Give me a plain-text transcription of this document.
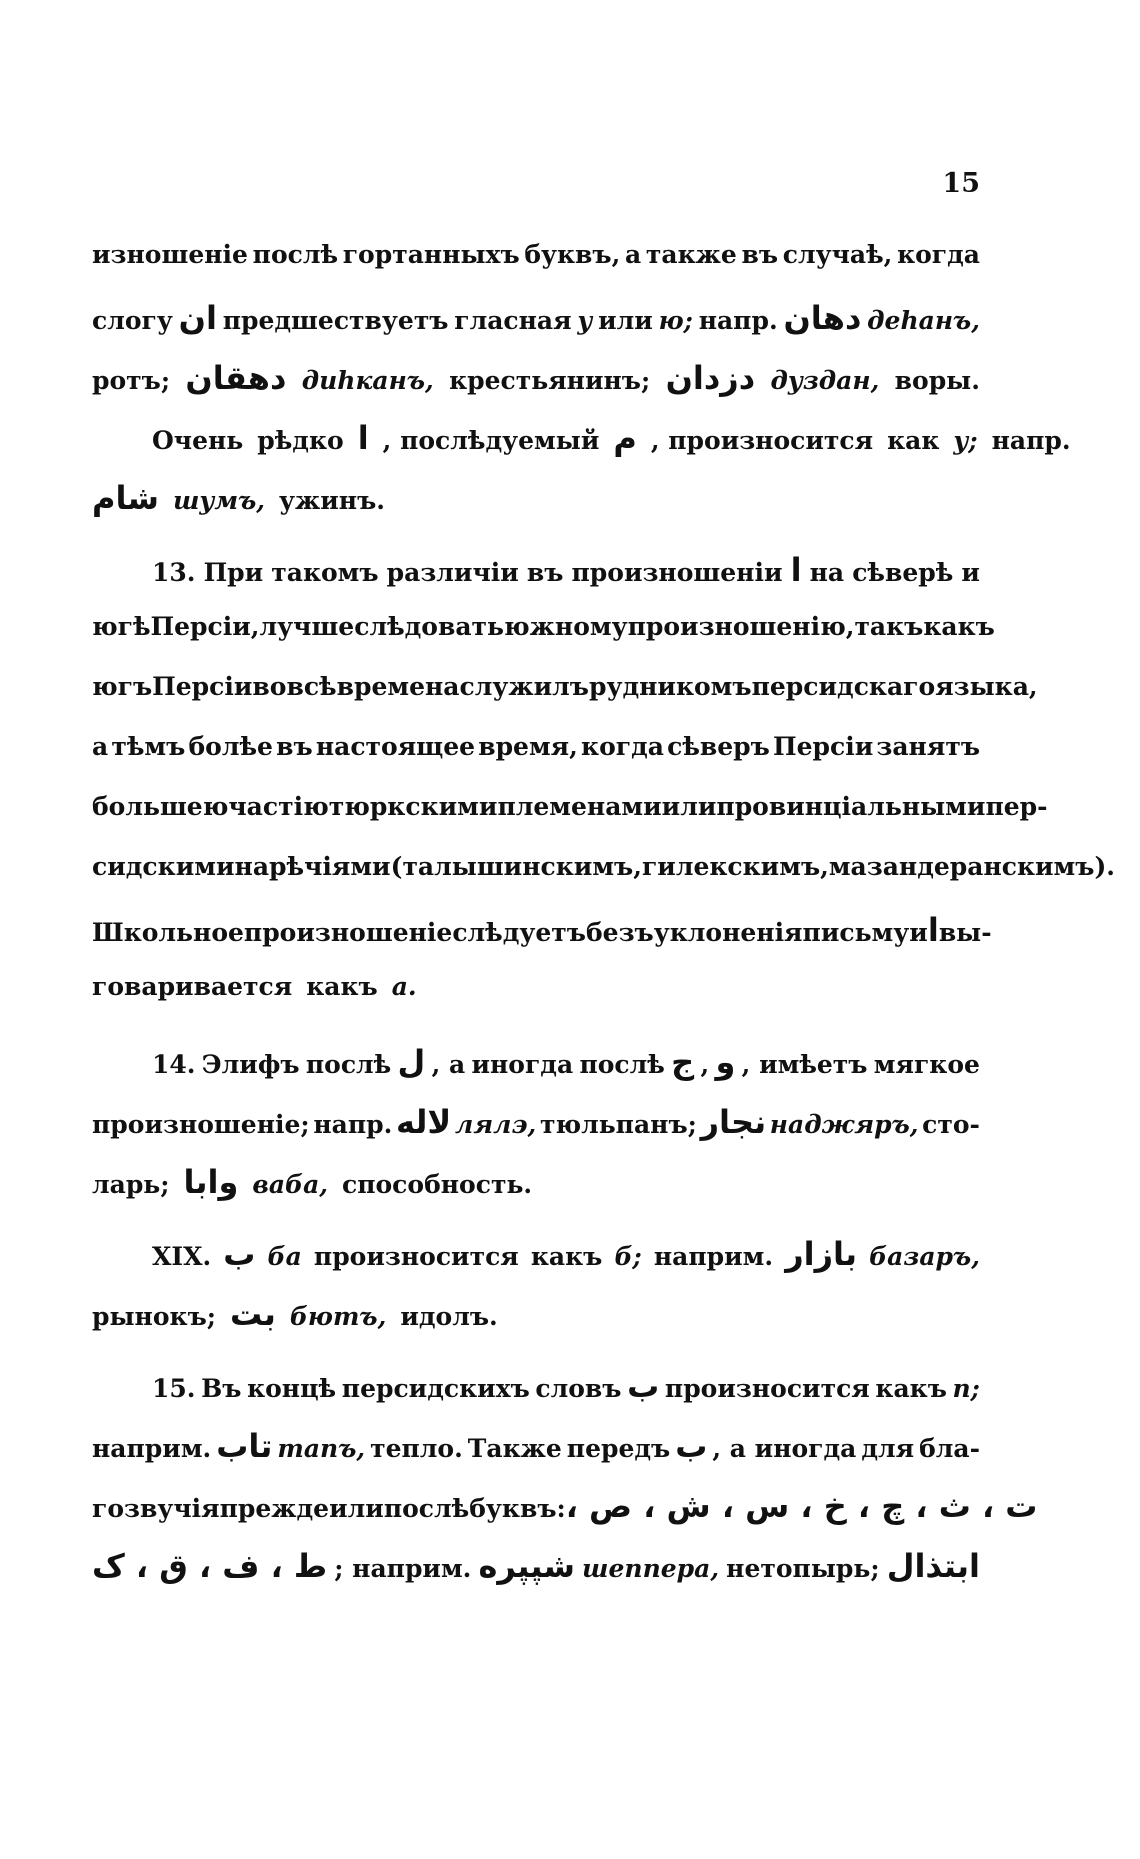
15
изношеніе послѣ гортанныхъ буквъ, а также въ случаѣ, когда
слогу ان предшествуетъ гласная у или ю; напр. دهان деhанъ,
ротъ; دهقان диhканъ, крестьянинъ; دزدان дуздан, воры.
Очень рѣдко ا , послѣдуемый م , произносится как у; напр.
شام шумъ, ужинъ.
13. При такомъ различіи въ произношеніи ا на сѣверѣ и
югѣ Персіи, лучше слѣдовать южному произношенію, такъ какъ
югъ Персіи во всѣ времена служилъ рудникомъ персидскаго языка,
а тѣмъ болѣе въ настоящее время, когда сѣверъ Персіи занятъ
большею частію тюркскими племенами или провинціальными пер-
сидскими нарѣчіями (талышинскимъ, гилекскимъ, мазандеранскимъ).
Школьное произношеніе слѣдуетъ безъ уклоненія письму и ا вы-
говаривается какъ а.
14. Элифъ послѣ ل , а иногда послѣ ج , و , имѣетъ мягкое
произношеніе; напр. لاله лялэ, тюльпанъ; نجار наджяръ, сто-
ларь; وابا ваба, способность.
XIX. ب ба произносится какъ б; наприм. بازار базаръ,
рынокъ; بت бютъ, идолъ.
15. Въ концѣ персидскихъ словъ ب произносится какъ п;
наприм. تاب тапъ, тепло. Также передъ ب , а иногда для бла-
гозвучія прежде или послѣ буквъ: ت ، ث ، چ ، خ ، س ، ش ، ص ،
ط ، ف ، ق ، ک ; наприм. شپپره шеппера, нетопырь; ابتذال
